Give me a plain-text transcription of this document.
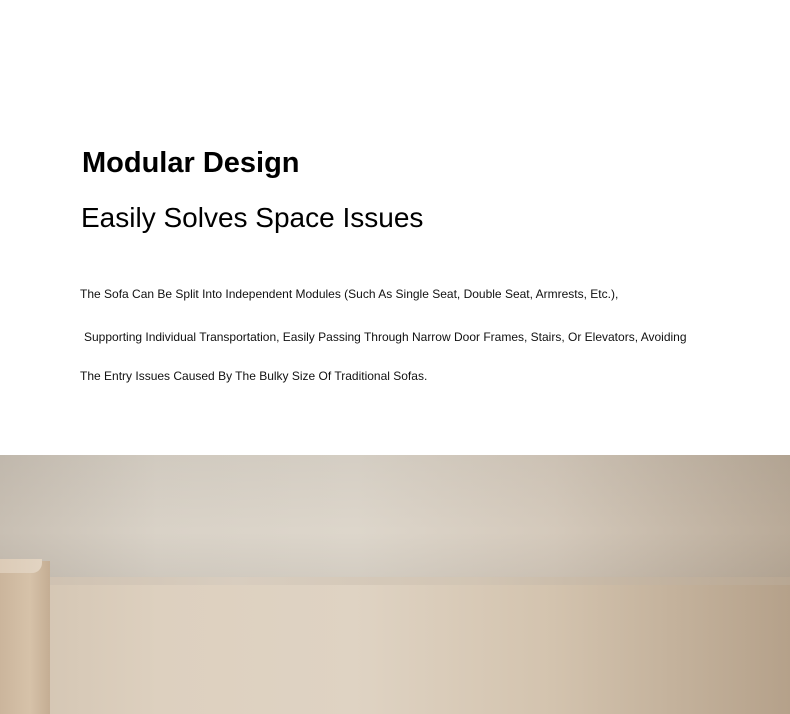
Modular Design
Easily Solves Space Issues

The Sofa Can Be Split Into Independent Modules (Such As Single Seat, Double Seat, Armrests, Etc.),

Supporting Individual Transportation, Easily Passing Through Narrow Door Frames, Stairs, Or Elevators, Avoiding

The Entry Issues Caused By The Bulky Size Of Traditional Sofas.
